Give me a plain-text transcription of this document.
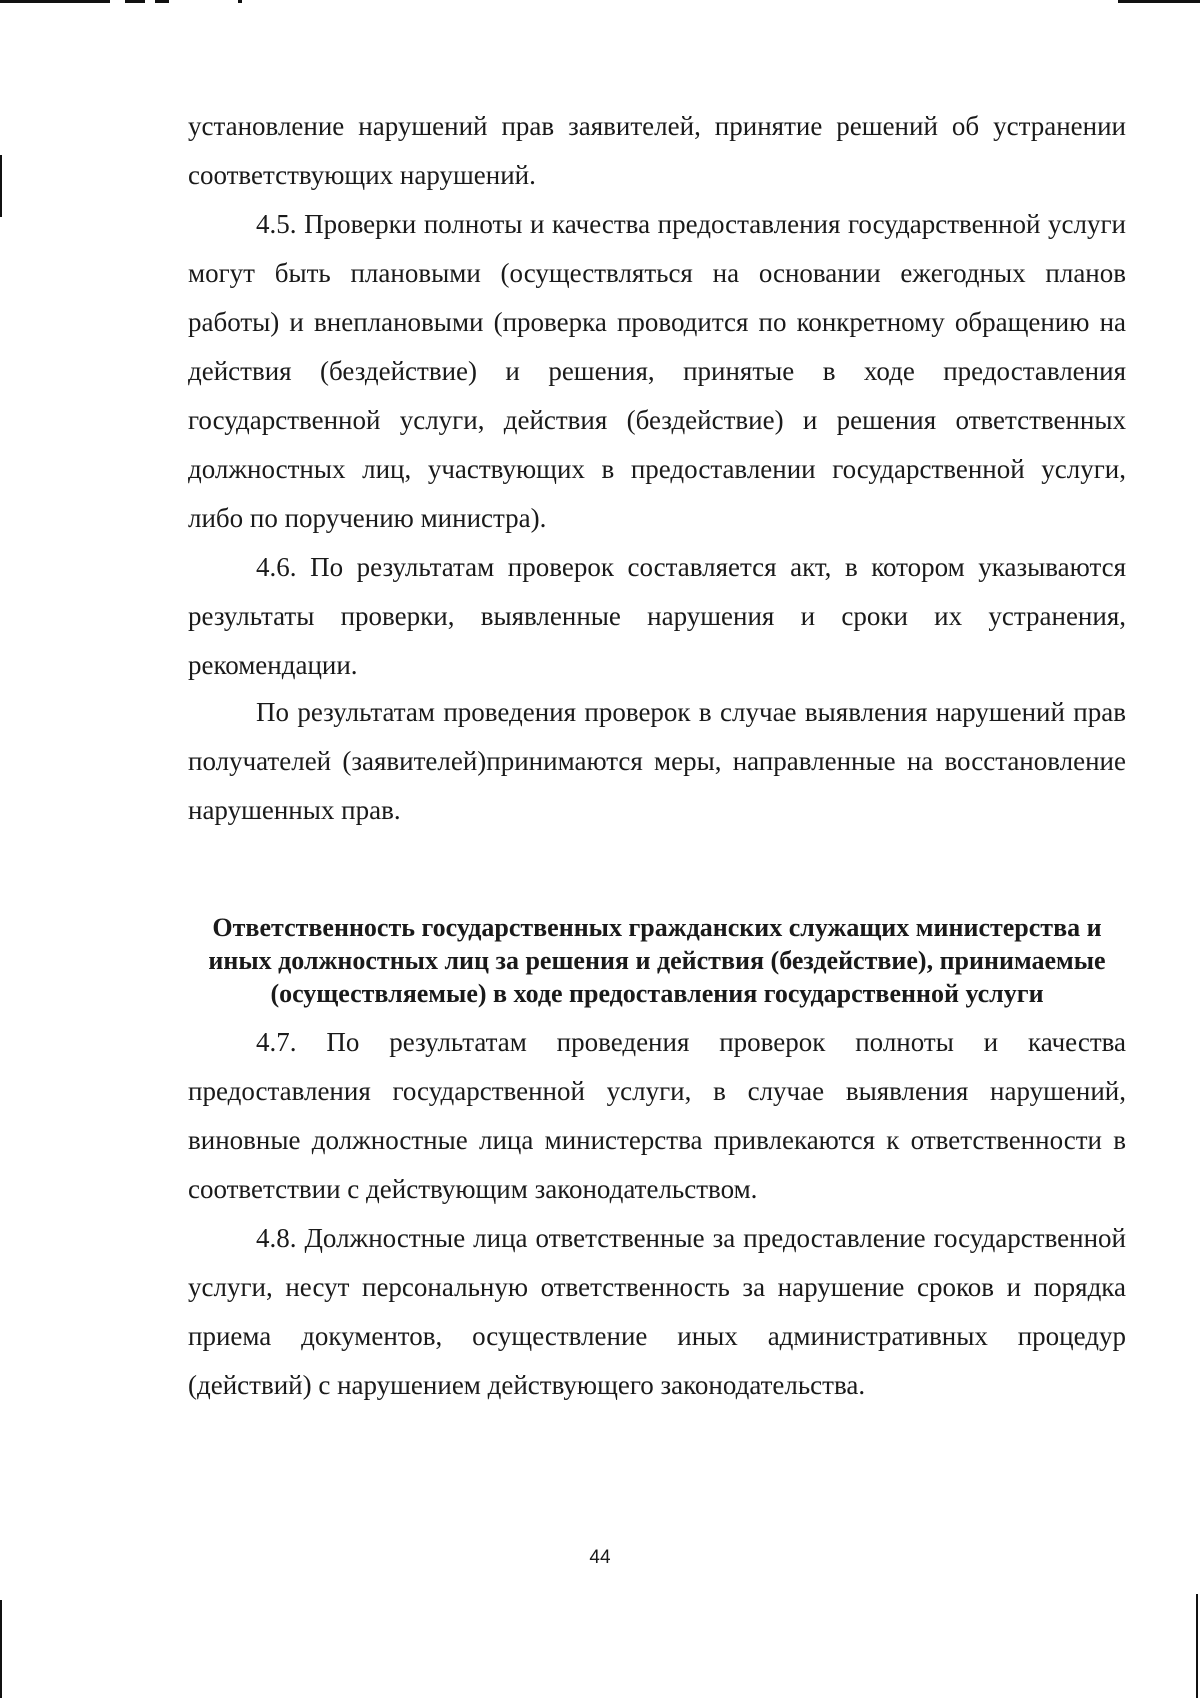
установление нарушений прав заявителей, принятие решений об устранении соответствующих нарушений.

4.5. Проверки полноты и качества предоставления государственной услуги могут быть плановыми (осуществляться на основании ежегодных планов работы) и внеплановыми (проверка проводится по конкретному обращению на действия (бездействие) и решения, принятые в ходе предоставления государственной услуги, действия (бездействие) и решения ответственных должностных лиц, участвующих в предоставлении государственной услуги, либо по поручению министра).

4.6. По результатам проверок составляется акт, в котором указываются результаты проверки, выявленные нарушения и сроки их устранения, рекомендации.

По результатам проведения проверок в случае выявления нарушений прав получателей (заявителей)принимаются меры, направленные на восстановление нарушенных прав.

Ответственность государственных гражданских служащих министерства и иных должностных лиц за решения и действия (бездействие), принимаемые (осуществляемые) в ходе предоставления государственной услуги

4.7. По результатам проведения проверок полноты и качества предоставления государственной услуги, в случае выявления нарушений, виновные должностные лица министерства привлекаются к ответственности в соответствии с действующим законодательством.

4.8. Должностные лица ответственные за предоставление государственной услуги, несут персональную ответственность за нарушение сроков и порядка приема документов, осуществление иных административных процедур (действий) с нарушением действующего законодательства.

44
